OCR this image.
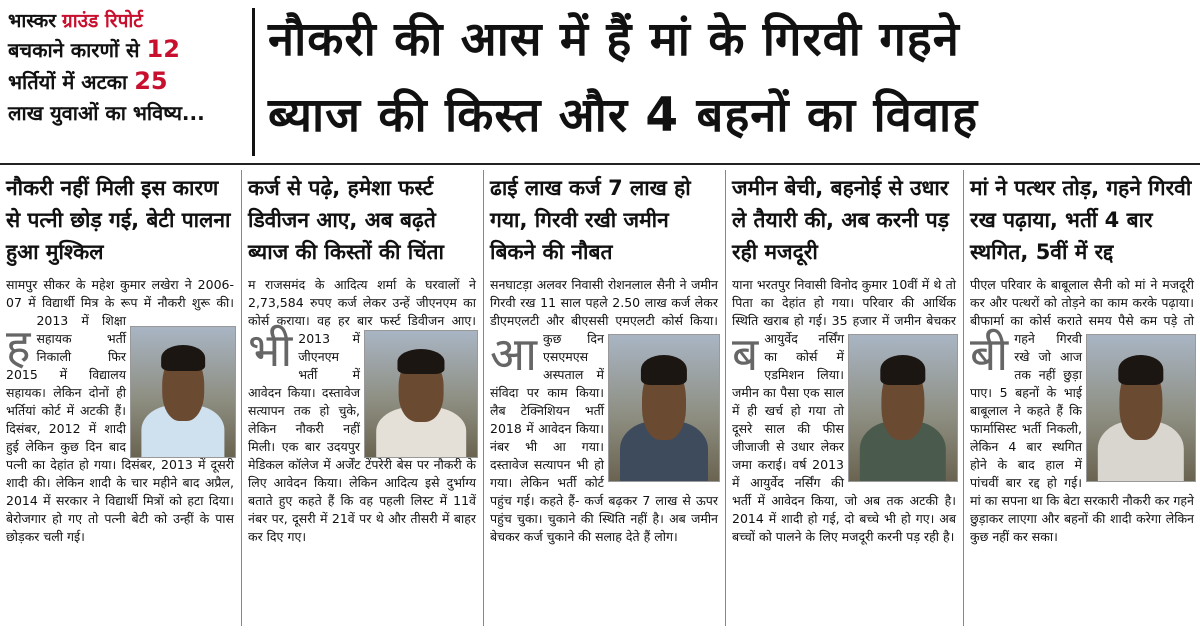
भास्कर ग्राउंड रिपोर्ट
बचकाने कारणों से 12
भर्तियों में अटका 25
लाख युवाओं का भविष्य...
नौकरी की आस में हैं मां के गिरवी गहने
ब्याज की किस्त और 4 बहनों का विवाह
नौकरी नहीं मिली इस कारण से पत्नी छोड़ गई, बेटी पालना हुआ मुश्किल
ह
सामपुर सीकर के महेश कुमार लखेरा ने 2006-07 में विद्यार्थी मित्र के रूप में नौकरी शुरू की। 2013 में शिक्षा सहायक भर्ती निकाली फिर 2015 में विद्यालय सहायक। लेकिन दोनों ही भर्तियां कोर्ट में अटकी हैं। दिसंबर, 2012 में शादी हुई लेकिन कुछ दिन बाद पत्नी का देहांत हो गया। दिसंबर, 2013 में दूसरी शादी की। लेकिन शादी के चार महीने बाद अप्रैल, 2014 में सरकार ने विद्यार्थी मित्रों को हटा दिया। बेरोजगार हो गए तो पत्नी बेटी को उन्हीं के पास छोड़कर चली गई।
कर्ज से पढ़े, हमेशा फर्स्ट डिवीजन आए, अब बढ़ते ब्याज की किस्तों की चिंता
भी
म राजसमंद के आदित्य शर्मा के घरवालों ने 2,73,584 रुपए कर्ज लेकर उन्हें जीएनएम का कोर्स कराया। वह हर बार फर्स्ट डिवीजन आए। 2013 में जीएनएम भर्ती में आवेदन किया। दस्तावेज सत्यापन तक हो चुके, लेकिन नौकरी नहीं मिली। एक बार उदयपुर मेडिकल कॉलेज में अर्जेंट टेंपरेरी बेस पर नौकरी के लिए आवेदन किया। लेकिन आदित्य इसे दुर्भाग्य बताते हुए कहते हैं कि वह पहली लिस्ट में 11वें नंबर पर, दूसरी में 21वें पर थे और तीसरी में बाहर कर दिए गए।
ढाई लाख कर्ज 7 लाख हो गया, गिरवी रखी जमीन बिकने की नौबत
आ
सनघाटड़ा अलवर निवासी रोशनलाल सैनी ने जमीन गिरवी रख 11 साल पहले 2.50 लाख कर्ज लेकर डीएमएलटी और बीएससी एमएलटी कोर्स किया। कुछ दिन एसएमएस अस्पताल में संविदा पर काम किया। लैब टेक्निशियन भर्ती 2018 में आवेदन किया। नंबर भी आ गया। दस्तावेज सत्यापन भी हो गया। लेकिन भर्ती कोर्ट पहुंच गई। कहते हैं- कर्ज बढ़कर 7 लाख से ऊपर पहुंच चुका। चुकाने की स्थिति नहीं है। अब जमीन बेचकर कर्ज चुकाने की सलाह देते हैं लोग।
जमीन बेची, बहनोई से उधार ले तैयारी की, अब करनी पड़ रही मजदूरी
ब
याना भरतपुर निवासी विनोद कुमार 10वीं में थे तो पिता का देहांत हो गया। परिवार की आर्थिक स्थिति खराब हो गई। 35 हजार में जमीन बेचकर आयुर्वेद नर्सिंग का कोर्स में एडमिशन लिया। जमीन का पैसा एक साल में ही खर्च हो गया तो दूसरे साल की फीस जीजाजी से उधार लेकर जमा कराई। वर्ष 2013 में आयुर्वेद नर्सिंग की भर्ती में आवेदन किया, जो अब तक अटकी है। 2014 में शादी हो गई, दो बच्चे भी हो गए। अब बच्चों को पालने के लिए मजदूरी करनी पड़ रही है।
मां ने पत्थर तोड़, गहने गिरवी रख पढ़ाया, भर्ती 4 बार स्थगित, 5वीं में रद्द
बी
पीएल परिवार के बाबूलाल सैनी को मां ने मजदूरी कर और पत्थरों को तोड़ने का काम करके पढ़ाया। बीफार्मा का कोर्स कराते समय पैसे कम पड़े तो गहने गिरवी रखे जो आज तक नहीं छुड़ा पाए। 5 बहनों के भाई बाबूलाल ने कहते हैं कि फार्मासिस्ट भर्ती निकली, लेकिन 4 बार स्थगित होने के बाद हाल में पांचवीं बार रद्द हो गई। मां का सपना था कि बेटा सरकारी नौकरी कर गहने छुड़ाकर लाएगा और बहनों की शादी करेगा लेकिन कुछ नहीं कर सका।
